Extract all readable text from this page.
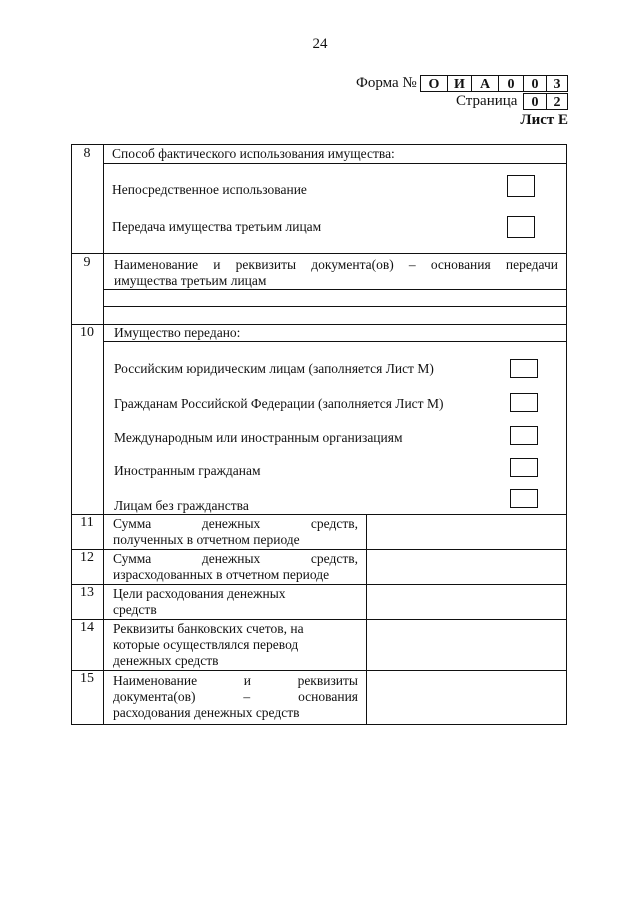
24
Форма № О	И	А	0	0	3
Страница	0	2
Лист Е
8	Способ фактического использования имущества:
Непосредственное использование
Передача имущества третьим лицам
9	Наименование и реквизиты документа(ов) – основания передачи
имущества третьим лицам
10	Имущество передано:
Российским юридическим лицам (заполняется Лист М)
Гражданам Российской Федерации (заполняется Лист М)
Международным или иностранным организациям
Иностранным гражданам
Лицам без гражданства
11	Сумма денежных средств,
полученных в отчетном периоде
12	Сумма денежных средств,
израсходованных в отчетном периоде
13	Цели расходования денежных
средств
14	Реквизиты банковских счетов, на
которые осуществлялся перевод
денежных средств
15	Наименование и реквизиты
документа(ов) – основания
расходования денежных средств
